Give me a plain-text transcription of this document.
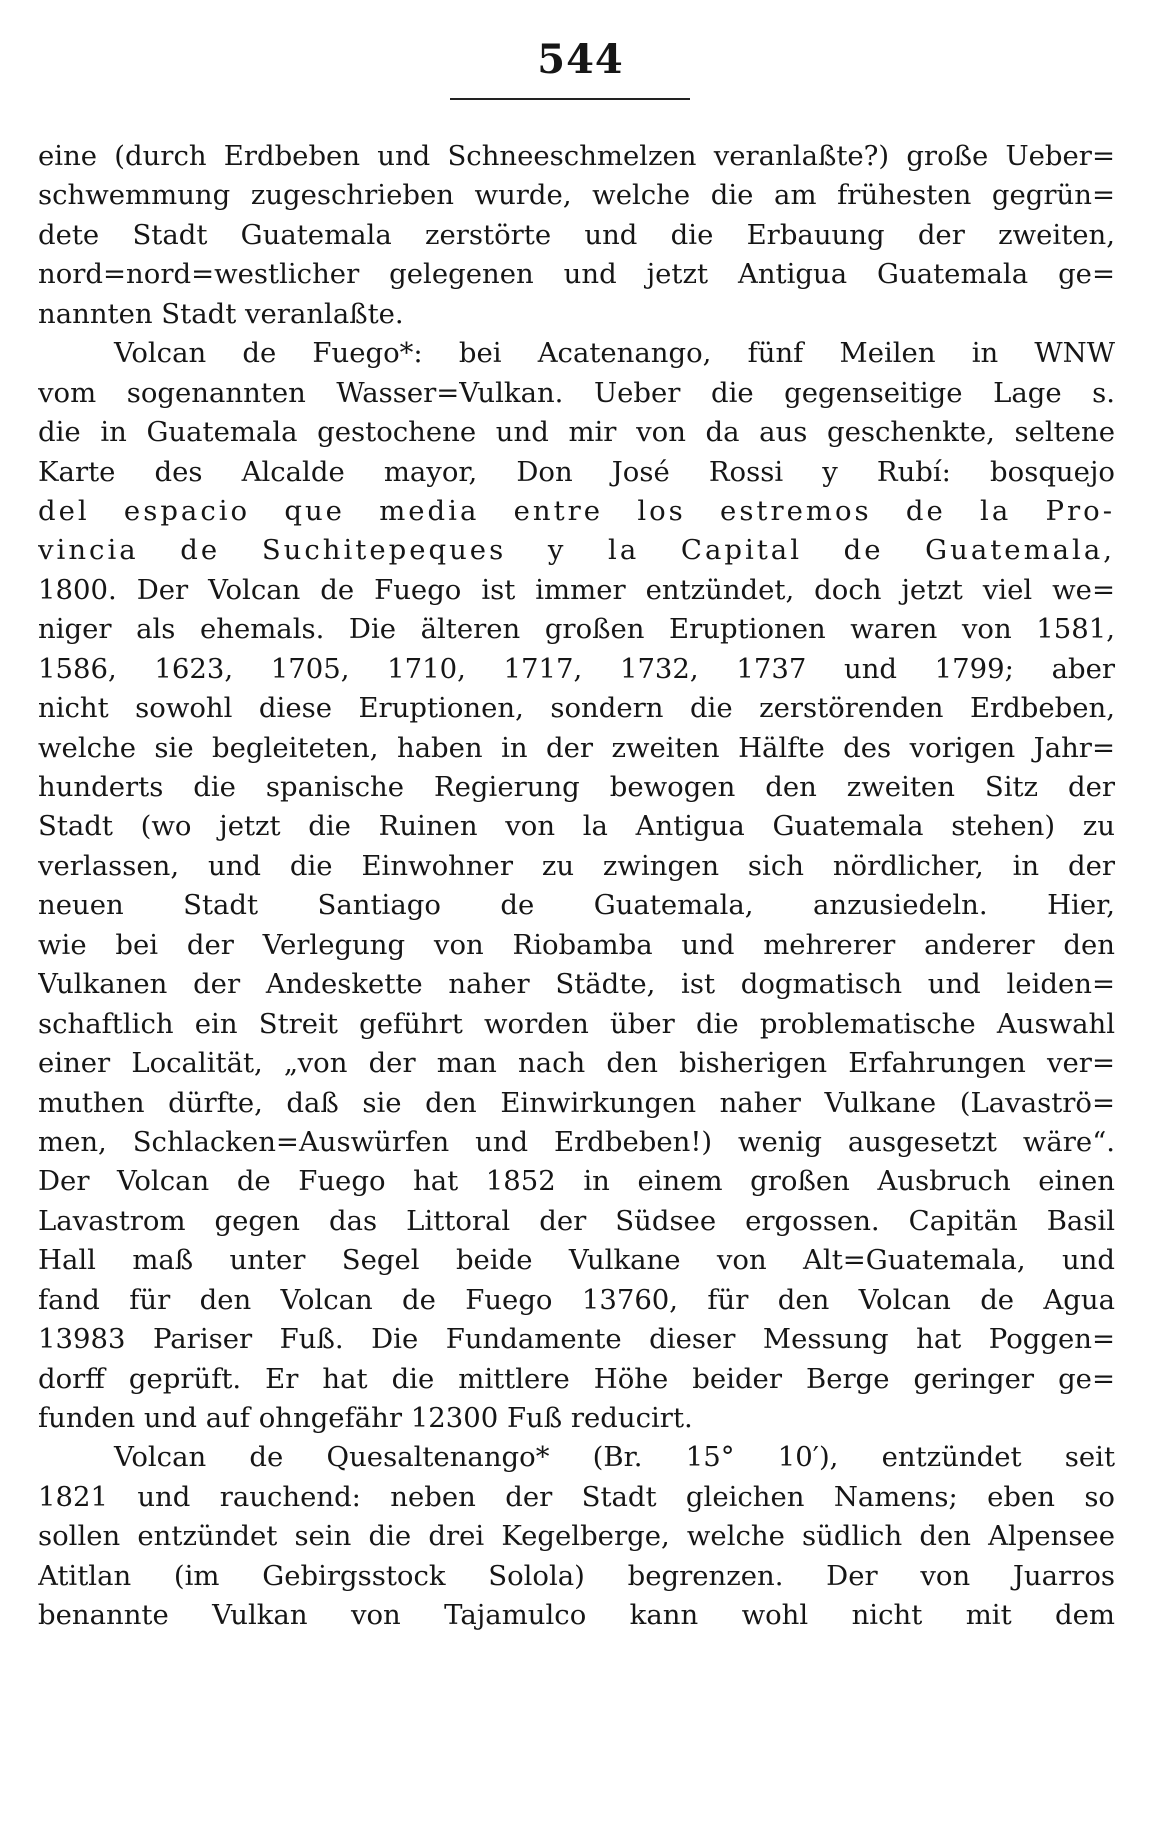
544
eine (durch Erdbeben und Schneeschmelzen veranlaßte?) große Ueber=
schwemmung zugeschrieben wurde, welche die am frühesten gegrün=
dete Stadt Guatemala zerstörte und die Erbauung der zweiten,
nord=nord=westlicher gelegenen und jetzt Antigua Guatemala ge=
nannten Stadt veranlaßte.
Volcan de Fuego*: bei Acatenango, fünf Meilen in WNW
vom sogenannten Wasser=Vulkan. Ueber die gegenseitige Lage s.
die in Guatemala gestochene und mir von da aus geschenkte, seltene
Karte des Alcalde mayor, Don José Rossi y Rubí: bosquejo
del espacio que media entre los estremos de la Pro-
vincia de Suchitepeques y la Capital de Guatemala,
1800. Der Volcan de Fuego ist immer entzündet, doch jetzt viel we=
niger als ehemals. Die älteren großen Eruptionen waren von 1581,
1586, 1623, 1705, 1710, 1717, 1732, 1737 und 1799; aber
nicht sowohl diese Eruptionen, sondern die zerstörenden Erdbeben,
welche sie begleiteten, haben in der zweiten Hälfte des vorigen Jahr=
hunderts die spanische Regierung bewogen den zweiten Sitz der
Stadt (wo jetzt die Ruinen von la Antigua Guatemala stehen) zu
verlassen, und die Einwohner zu zwingen sich nördlicher, in der
neuen Stadt Santiago de Guatemala, anzusiedeln. Hier,
wie bei der Verlegung von Riobamba und mehrerer anderer den
Vulkanen der Andeskette naher Städte, ist dogmatisch und leiden=
schaftlich ein Streit geführt worden über die problematische Auswahl
einer Localität, „von der man nach den bisherigen Erfahrungen ver=
muthen dürfte, daß sie den Einwirkungen naher Vulkane (Lavaströ=
men, Schlacken=Auswürfen und Erdbeben!) wenig ausgesetzt wäre“.
Der Volcan de Fuego hat 1852 in einem großen Ausbruch einen
Lavastrom gegen das Littoral der Südsee ergossen. Capitän Basil
Hall maß unter Segel beide Vulkane von Alt=Guatemala, und
fand für den Volcan de Fuego 13760, für den Volcan de Agua
13983 Pariser Fuß. Die Fundamente dieser Messung hat Poggen=
dorff geprüft. Er hat die mittlere Höhe beider Berge geringer ge=
funden und auf ohngefähr 12300 Fuß reducirt.
Volcan de Quesaltenango* (Br. 15° 10′), entzündet seit
1821 und rauchend: neben der Stadt gleichen Namens; eben so
sollen entzündet sein die drei Kegelberge, welche südlich den Alpensee
Atitlan (im Gebirgsstock Solola) begrenzen. Der von Juarros
benannte Vulkan von Tajamulco kann wohl nicht mit dem
